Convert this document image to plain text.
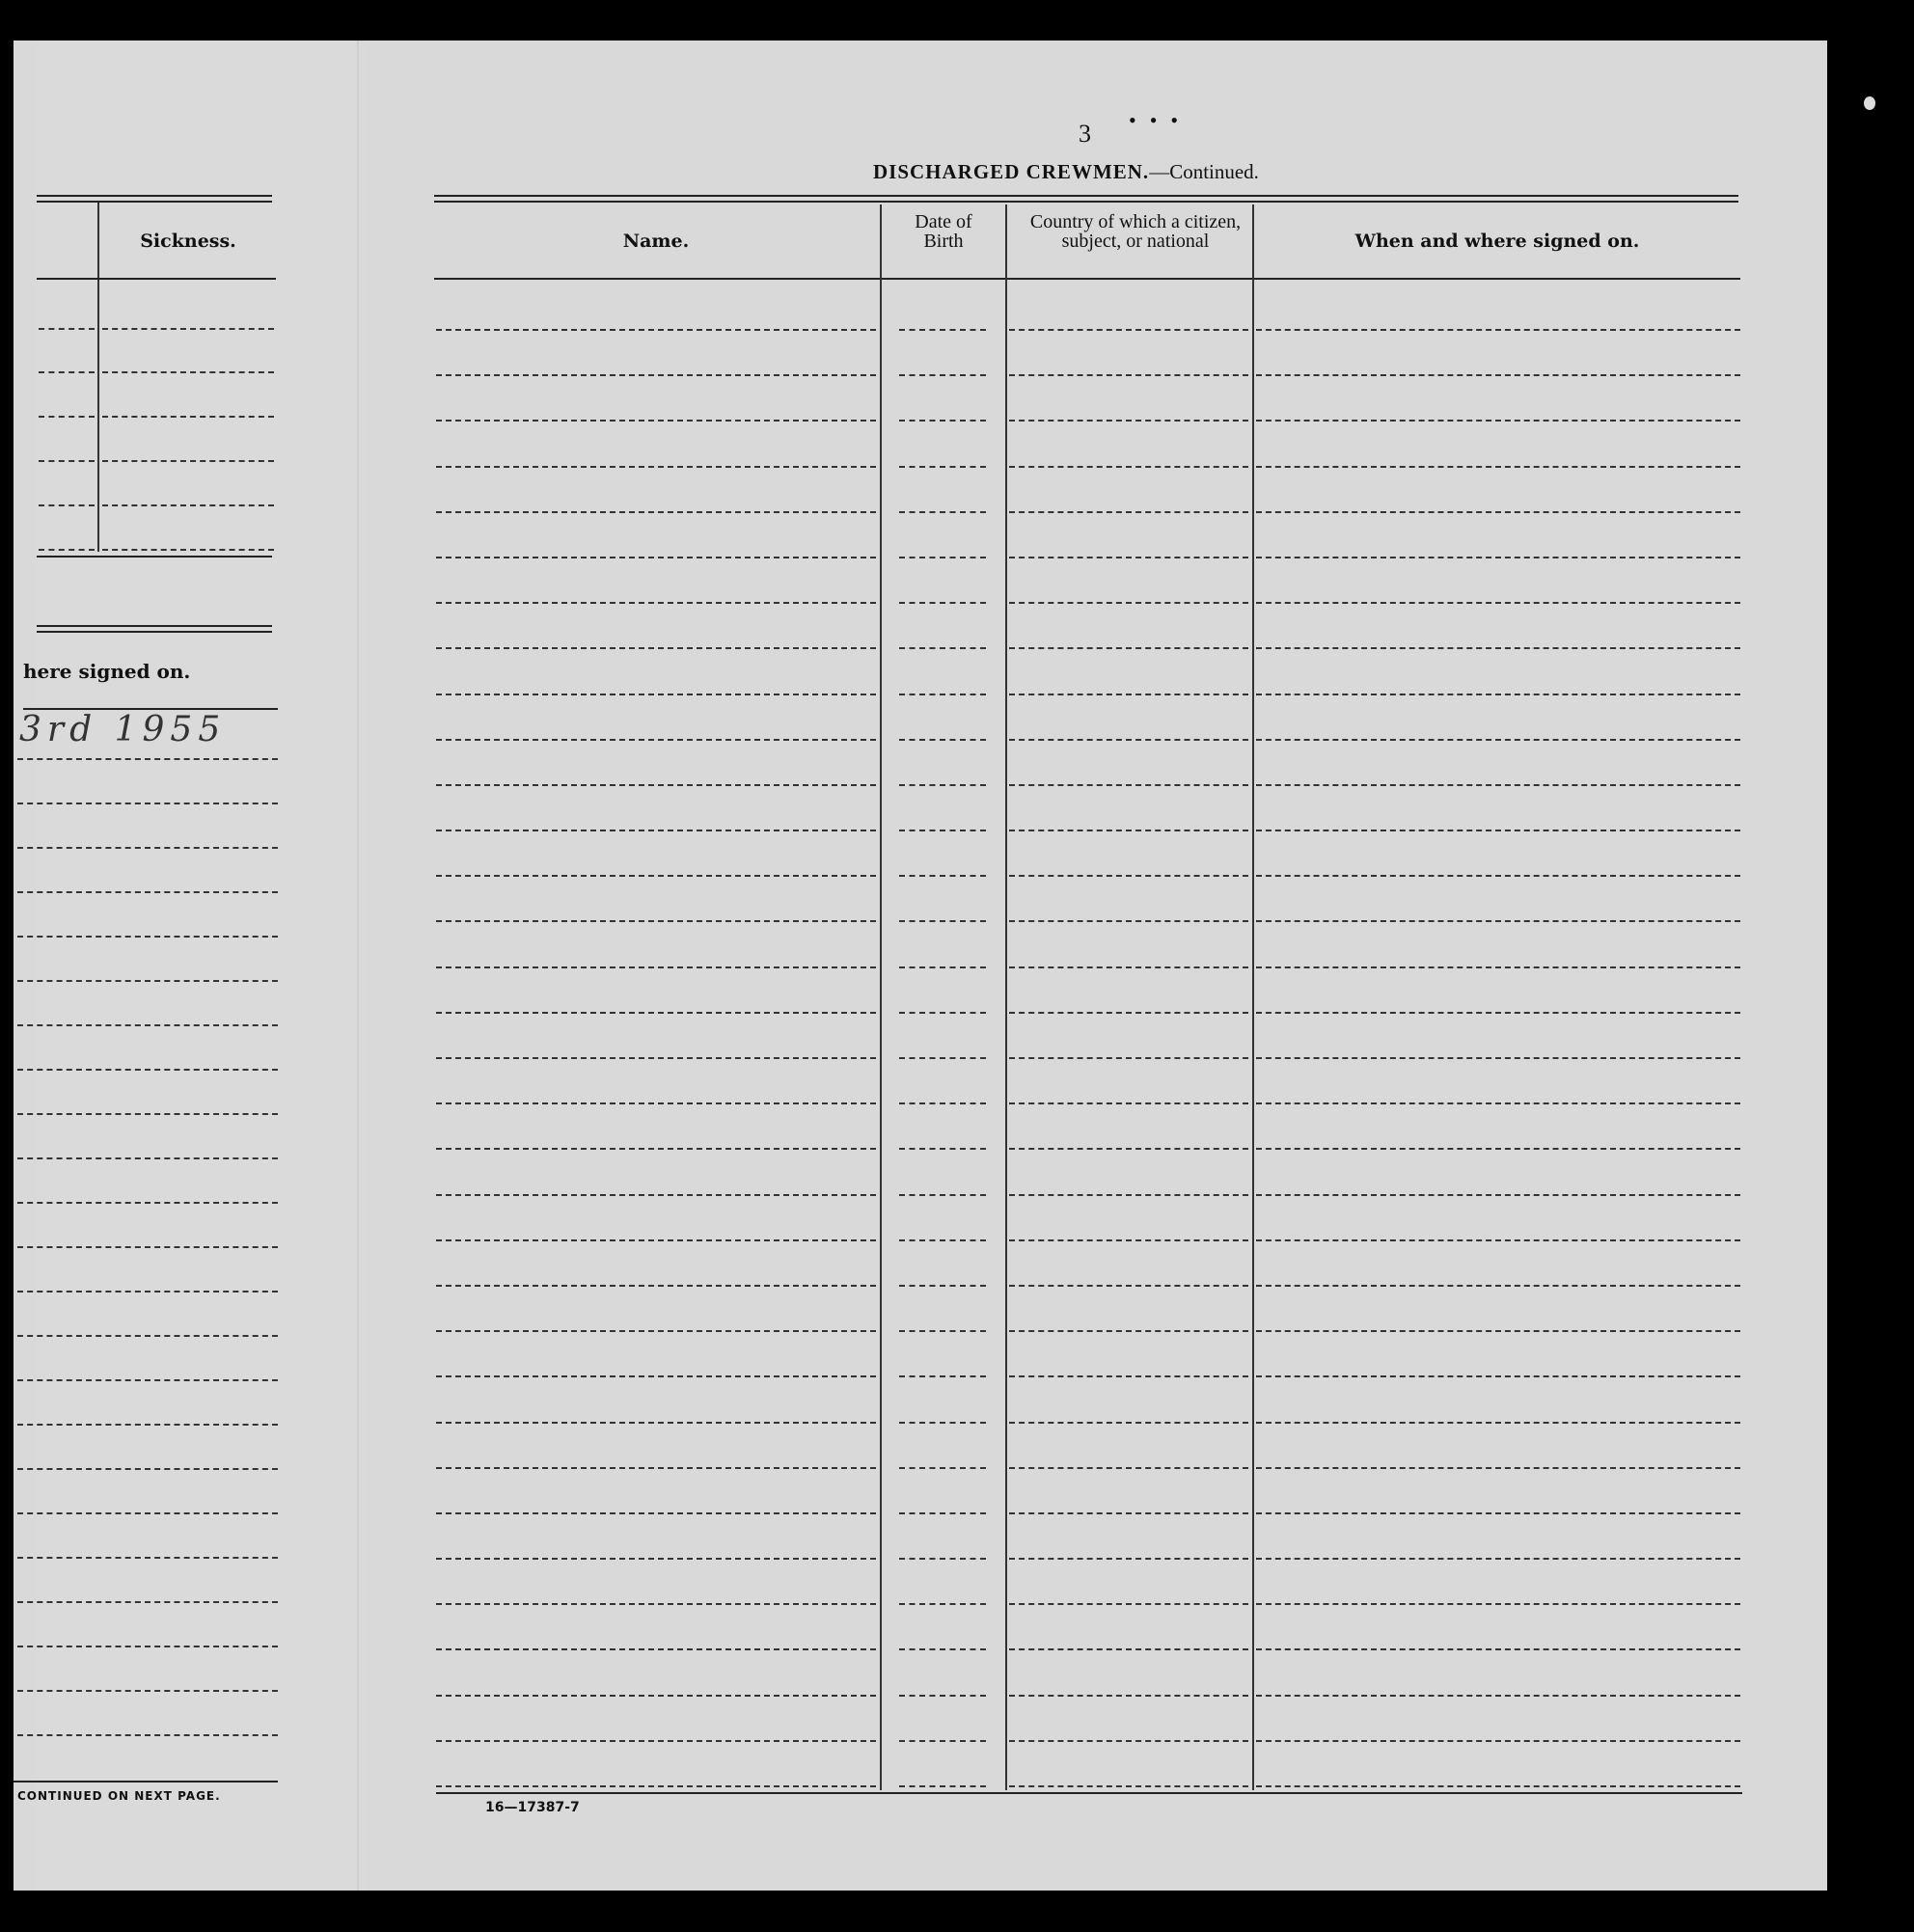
3 •••
DISCHARGED CREWMEN.—Continued.
Name.
Date of Birth
Country of which a citizen, subject, or national	When and where signed on.
Sickness.
here signed on.
3rd 1955
CONTINUED ON NEXT PAGE.
16—17387-7
